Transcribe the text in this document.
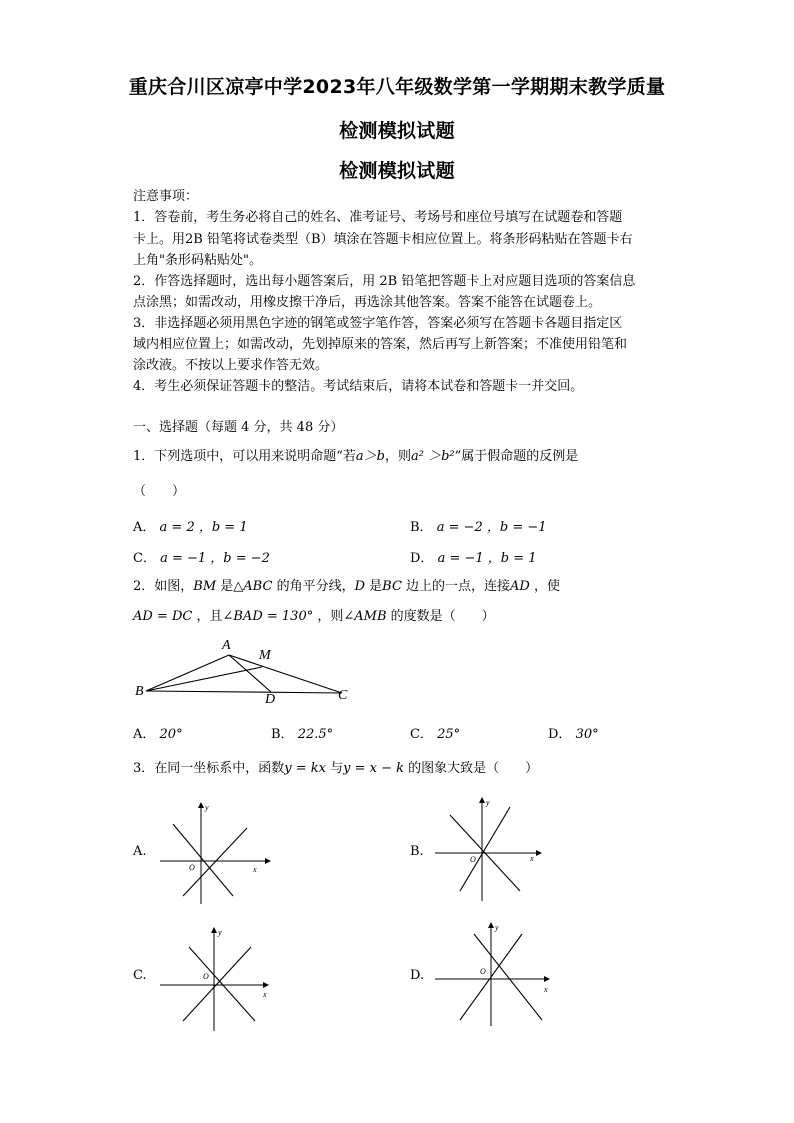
重庆合川区凉亭中学2023年八年级数学第一学期期末教学质量
检测模拟试题
检测模拟试题
注意事项：
1．答卷前，考生务必将自己的姓名、准考证号、考场号和座位号填写在试题卷和答题
卡上。用2B 铅笔将试卷类型（B）填涂在答题卡相应位置上。将条形码粘贴在答题卡右
上角"条形码粘贴处"。
2．作答选择题时，选出每小题答案后，用 2B 铅笔把答题卡上对应题目选项的答案信息
点涂黑；如需改动，用橡皮擦干净后，再选涂其他答案。答案不能答在试题卷上。
3．非选择题必须用黑色字迹的钢笔或签字笔作答，答案必须写在答题卡各题目指定区
域内相应位置上；如需改动，先划掉原来的答案，然后再写上新答案；不准使用铅笔和
涂改液。不按以上要求作答无效。
4．考生必须保证答题卡的整洁。考试结束后，请将本试卷和答题卡一并交回。
一、选择题（每题 4 分，共 48 分）
1．下列选项中，可以用来说明命题“若a＞b，则a² ＞b²”属于假命题的反例是
（　　）
A． a = 2 ，b = 1	B． a = −2 ，b = −1
C． a = −1 ，b = −2	D． a = −1 ，b = 1
2．如图，BM 是△ABC 的角平分线，D 是BC 边上的一点，连接AD ，使
AD = DC ，且∠BAD = 130° ，则∠AMB 的度数是（　　）
A
M
B	C
D
A． 20°	B． 22.5°	C． 25°	D． 30°
3．在同一坐标系中，函数y = kx 与y = x − k 的图象大致是（　　）
A.	B.
C.	D.
y
x
O
y
x
O
y
x
O
y
x
O
